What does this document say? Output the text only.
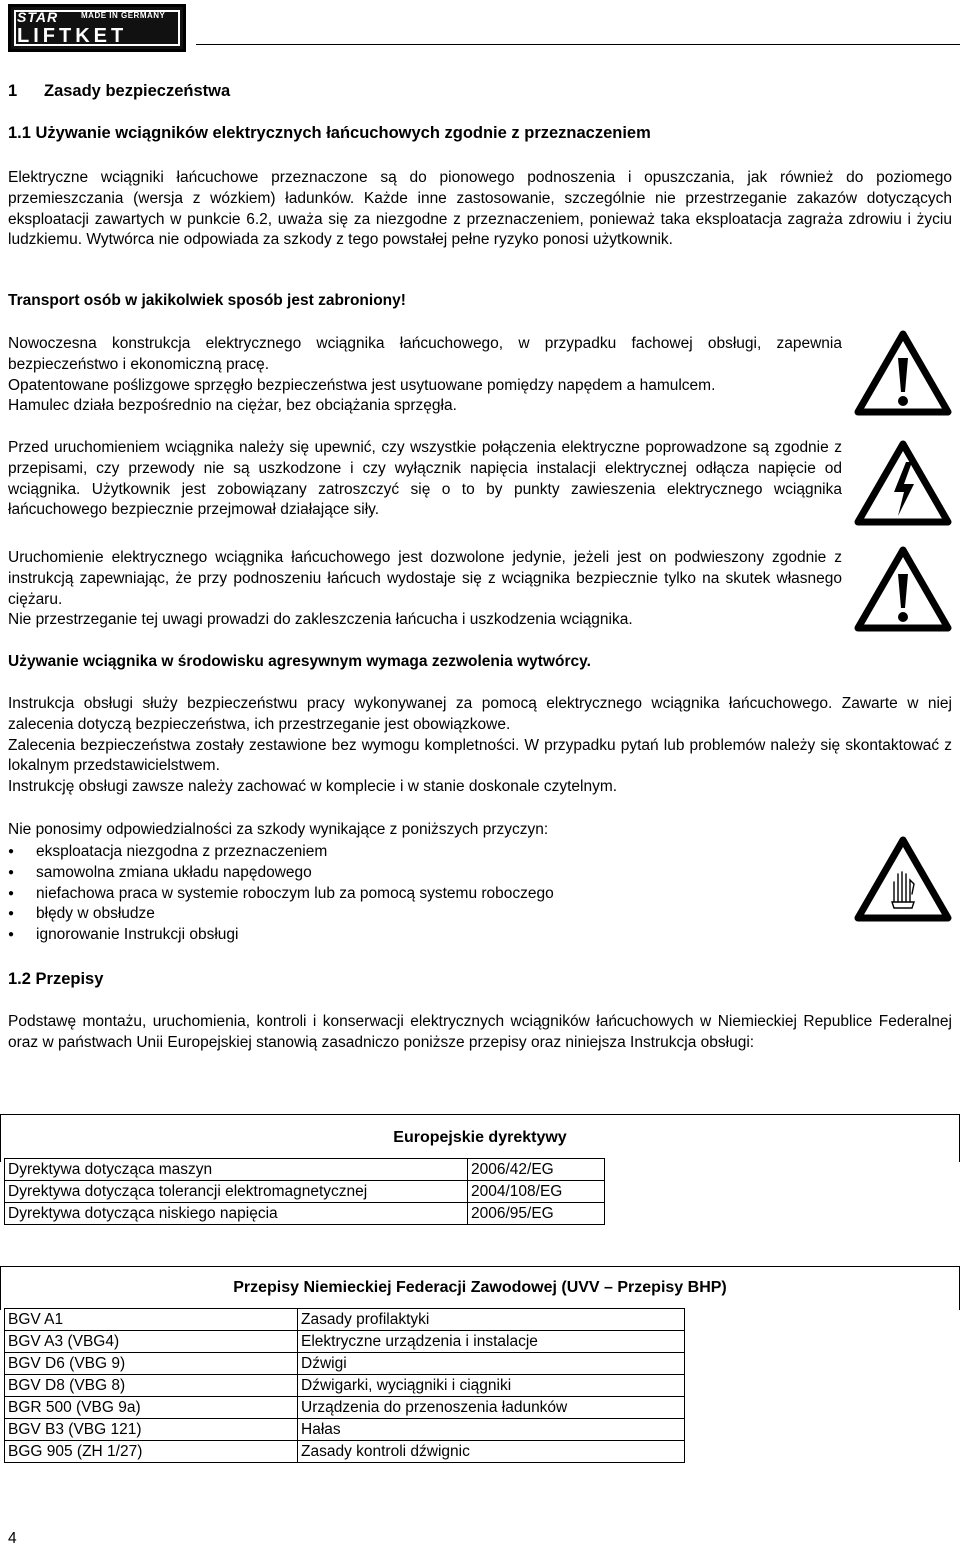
STAR	MADE IN GERMANY
LIFTKET
1 Zasady bezpieczeństwa
1.1 Używanie wciągników elektrycznych łańcuchowych zgodnie z przeznaczeniem
Elektryczne wciągniki łańcuchowe przeznaczone są do pionowego podnoszenia i opuszczania, jak również do poziomego przemieszczania (wersja z wózkiem) ładunków. Każde inne zastosowanie, szczególnie nie przestrzeganie zakazów dotyczących eksploatacji zawartych w punkcie 6.2, uważa się za niezgodne z przeznaczeniem, ponieważ taka eksploatacja zagraża zdrowiu i życiu ludzkiemu. Wytwórca nie odpowiada za szkody z tego powstałej pełne ryzyko ponosi użytkownik.
Transport osób w jakikolwiek sposób jest zabroniony!
Nowoczesna konstrukcja elektrycznego wciągnika łańcuchowego, w przypadku fachowej obsługi, zapewnia bezpieczeństwo i ekonomiczną pracę.
Opatentowane poślizgowe sprzęgło bezpieczeństwa jest usytuowane pomiędzy napędem a hamulcem.
Hamulec działa bezpośrednio na ciężar, bez obciążania sprzęgła.
Przed uruchomieniem wciągnika należy się upewnić, czy wszystkie połączenia elektryczne poprowadzone są zgodnie z przepisami, czy przewody nie są uszkodzone i czy wyłącznik napięcia instalacji elektrycznej odłącza napięcie od wciągnika. Użytkownik jest zobowiązany zatroszczyć się o to by punkty zawieszenia elektrycznego wciągnika łańcuchowego bezpiecznie przejmował działające siły.
Uruchomienie elektrycznego wciągnika łańcuchowego jest dozwolone jedynie, jeżeli jest on podwieszony zgodnie z instrukcją zapewniając, że przy podnoszeniu łańcuch wydostaje się z wciągnika bezpiecznie tylko na skutek własnego ciężaru.
Nie przestrzeganie tej uwagi prowadzi do zakleszczenia łańcucha i uszkodzenia wciągnika.
Używanie wciągnika w środowisku agresywnym wymaga zezwolenia wytwórcy.
Instrukcja obsługi służy bezpieczeństwu pracy wykonywanej za pomocą elektrycznego wciągnika łańcuchowego. Zawarte w niej zalecenia dotyczą bezpieczeństwa, ich przestrzeganie jest obowiązkowe.
Zalecenia bezpieczeństwa zostały zestawione bez wymogu kompletności. W przypadku pytań lub problemów należy się skontaktować z lokalnym przedstawicielstwem.
Instrukcję obsługi zawsze należy zachować w komplecie i w stanie doskonale czytelnym.
Nie ponosimy odpowiedzialności za szkody wynikające z poniższych przyczyn:
● eksploatacja niezgodna z przeznaczeniem
● samowolna zmiana układu napędowego
● niefachowa praca w systemie roboczym lub za pomocą systemu roboczego
● błędy w obsłudze
● ignorowanie Instrukcji obsługi
1.2 Przepisy
Podstawę montażu, uruchomienia, kontroli i konserwacji elektrycznych wciągników łańcuchowych w Niemieckiej Republice Federalnej oraz w państwach Unii Europejskiej stanowią zasadniczo poniższe przepisy oraz niniejsza Instrukcja obsługi:
Europejskie dyrektywy
Dyrektywa dotycząca maszyn	2006/42/EG
Dyrektywa dotycząca tolerancji elektromagnetycznej	2004/108/EG
Dyrektywa dotycząca niskiego napięcia	2006/95/EG
Przepisy Niemieckiej Federacji Zawodowej (UVV – Przepisy BHP)
BGV A1	Zasady profilaktyki
BGV A3 (VBG4)	Elektryczne urządzenia i instalacje
BGV D6 (VBG 9)	Dźwigi
BGV D8 (VBG 8)	Dźwigarki, wyciągniki i ciągniki
BGR 500 (VBG 9a)	Urządzenia do przenoszenia ładunków
BGV B3 (VBG 121)	Hałas
BGG 905 (ZH 1/27)	Zasady kontroli dźwignic
4
